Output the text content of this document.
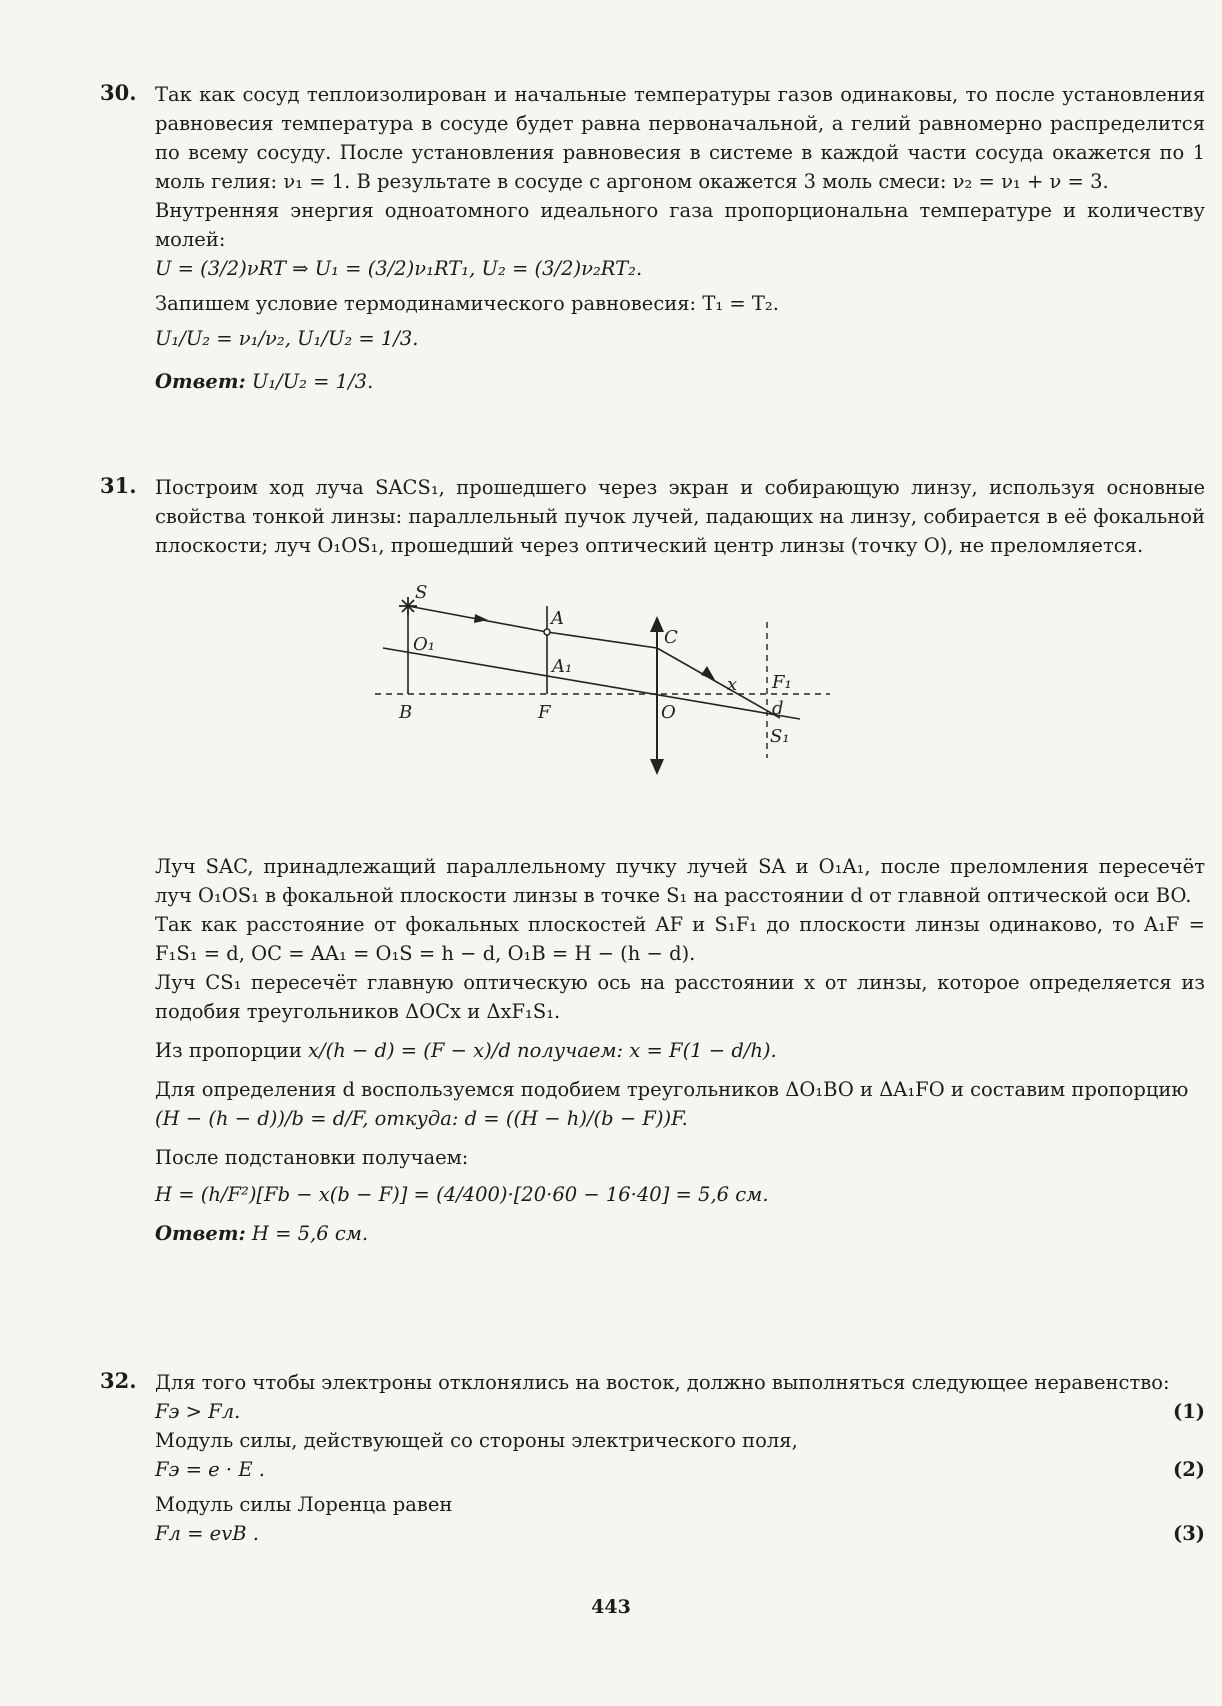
30. Так как сосуд теплоизолирован и начальные температуры газов одинаковы, то после установления равновесия температура в сосуде будет равна первоначальной, а гелий равномерно распределится по всему сосуду. После установления равновесия в системе в каждой части сосуда окажется по 1 моль гелия: ν₁ = 1. В результате в сосуде с аргоном окажется 3 моль смеси: ν₂ = ν₁ + ν = 3.

Внутренняя энергия одноатомного идеального газа пропорциональна температуре и количеству молей:

U = (3/2)νRT ⇒ U₁ = (3/2)ν₁RT₁, U₂ = (3/2)ν₂RT₂.

Запишем условие термодинамического равновесия: T₁ = T₂.

U₁/U₂ = ν₁/ν₂, U₁/U₂ = 1/3.

Ответ: U₁/U₂ = 1/3.

31. Построим ход луча SACS₁, прошедшего через экран и собирающую линзу, используя основные свойства тонкой линзы: параллельный пучок лучей, падающих на линзу, собирается в её фокальной плоскости; луч O₁OS₁, прошедший через оптический центр линзы (точку O), не преломляется.

S
A
O₁
A₁
C
x F₁
B	F	O	d
S₁

Луч SAC, принадлежащий параллельному пучку лучей SA и O₁A₁, после преломления пересечёт луч O₁OS₁ в фокальной плоскости линзы в точке S₁ на расстоянии d от главной оптической оси BO.

Так как расстояние от фокальных плоскостей AF и S₁F₁ до плоскости линзы одинаково, то A₁F = F₁S₁ = d, OC = AA₁ = O₁S = h − d, O₁B = H − (h − d).

Луч CS₁ пересечёт главную оптическую ось на расстоянии x от линзы, которое определяется из подобия треугольников ΔOCx и ΔxF₁S₁.

Из пропорции x/(h − d) = (F − x)/d получаем: x = F(1 − d/h).

Для определения d воспользуемся подобием треугольников ΔO₁BO и ΔA₁FO и составим пропорцию

(H − (h − d))/b = d/F, откуда: d = ((H − h)/(b − F))F.

После подстановки получаем:

H = (h/F²)[Fb − x(b − F)] = (4/400)·[20·60 − 16·40] = 5,6 см.

Ответ: H = 5,6 см.

32. Для того чтобы электроны отклонялись на восток, должно выполняться следующее неравенство:

Fэ > Fл.	(1)

Модуль силы, действующей со стороны электрического поля,

Fэ = e · E .	(2)

Модуль силы Лоренца равен

Fл = evB .	(3)
443
